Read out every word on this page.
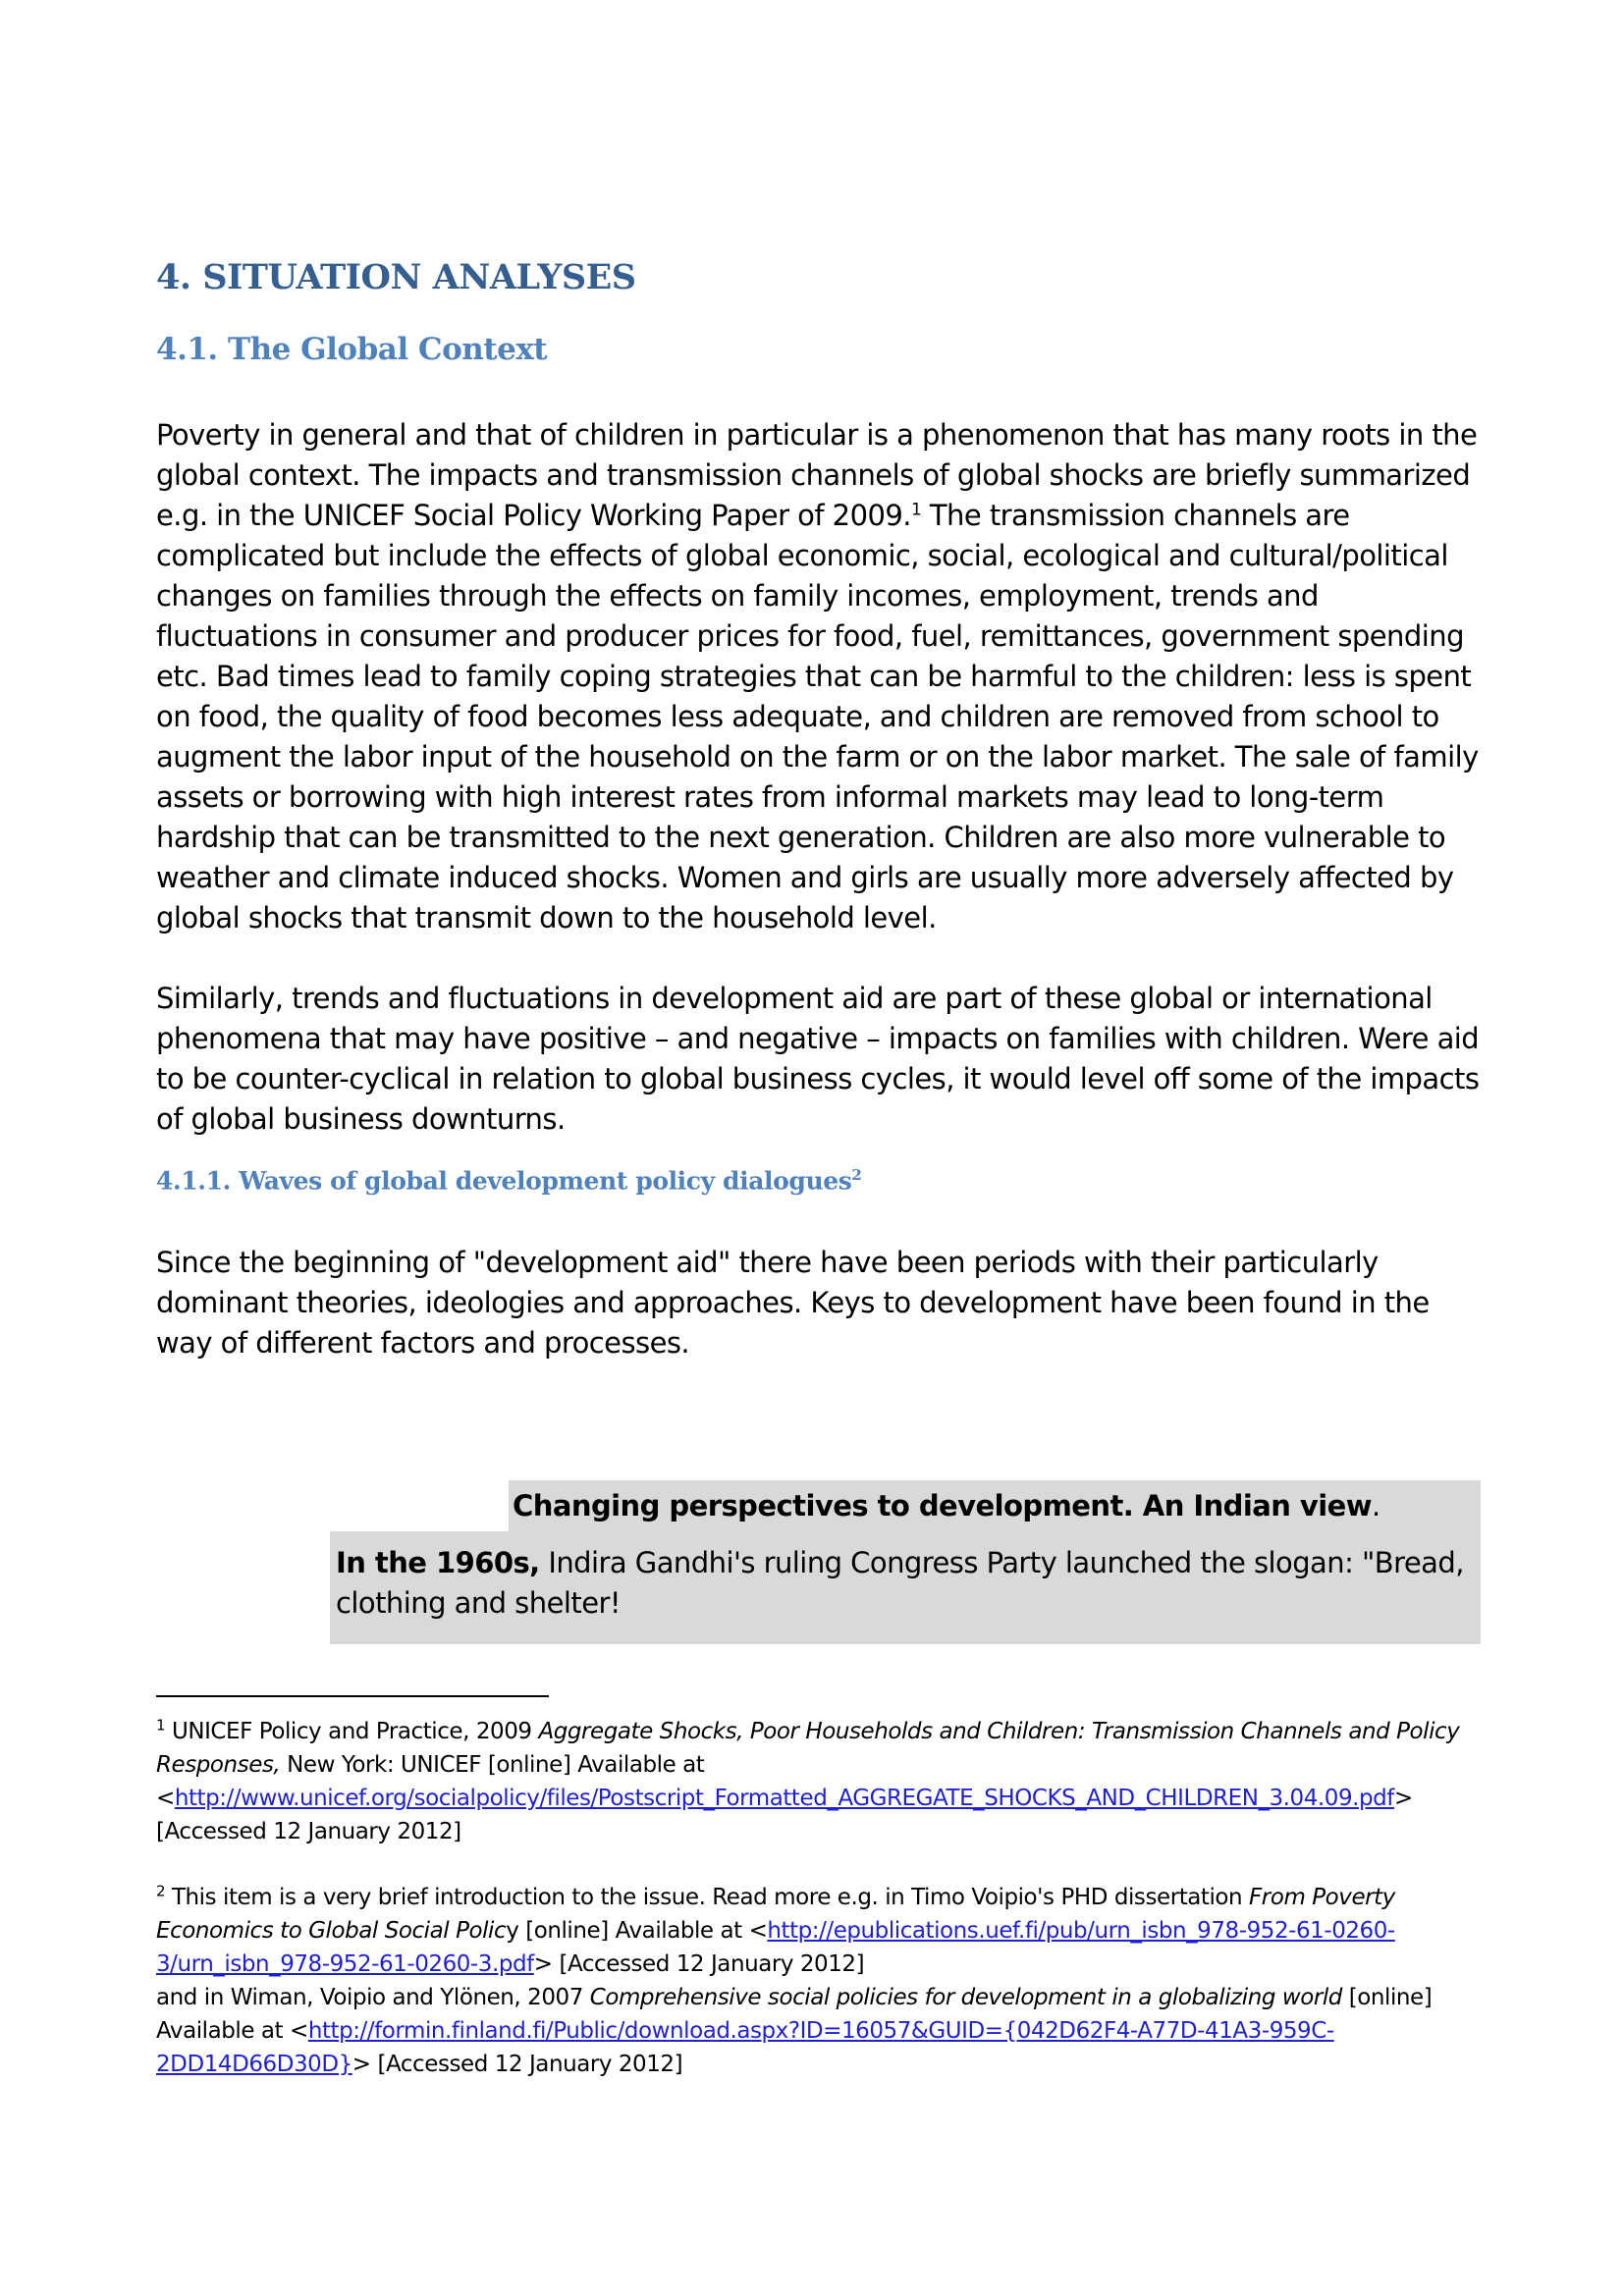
4. SITUATION ANALYSES
4.1. The Global Context

Poverty in general and that of children in particular is a phenomenon that has many roots in the global context. The impacts and transmission channels of global shocks are briefly summarized e.g. in the UNICEF Social Policy Working Paper of 2009.$^1$ The transmission channels are complicated but include the effects of global economic, social, ecological and cultural/political changes on families through the effects on family incomes, employment, trends and fluctuations in consumer and producer prices for food, fuel, remittances, government spending etc. Bad times lead to family coping strategies that can be harmful to the children: less is spent on food, the quality of food becomes less adequate, and children are removed from school to augment the labor input of the household on the farm or on the labor market. The sale of family assets or borrowing with high interest rates from informal markets may lead to long-term hardship that can be transmitted to the next generation. Children are also more vulnerable to weather and climate induced shocks. Women and girls are usually more adversely affected by global shocks that transmit down to the household level.

Similarly, trends and fluctuations in development aid are part of these global or international phenomena that may have positive – and negative – impacts on families with children. Were aid to be counter-cyclical in relation to global business cycles, it would level off some of the impacts of global business downturns.

4.1.1. Waves of global development policy dialogues$^2$

Since the beginning of "development aid" there have been periods with their particularly dominant theories, ideologies and approaches. Keys to development have been found in the way of different factors and processes.

Changing perspectives to development. An Indian view.
In the 1960s, Indira Gandhi's ruling Congress Party launched the slogan: "Bread, clothing and shelter!

$^1$ UNICEF Policy and Practice, 2009 Aggregate Shocks, Poor Households and Children: Transmission Channels and Policy Responses, New York: UNICEF [online] Available at <http://www.unicef.org/socialpolicy/files/Postscript_Formatted_AGGREGATE_SHOCKS_AND_CHILDREN_3.04.09.pdf> [Accessed 12 January 2012]

$^2$ This item is a very brief introduction to the issue. Read more e.g. in Timo Voipio's PHD dissertation From Poverty Economics to Global Social Policy [online] Available at <http://epublications.uef.fi/pub/urn_isbn_978-952-61-0260-3/urn_isbn_978-952-61-0260-3.pdf> [Accessed 12 January 2012]
and in Wiman, Voipio and Ylönen, 2007 Comprehensive social policies for development in a globalizing world [online] Available at <http://formin.finland.fi/Public/download.aspx?ID=16057&GUID={042D62F4-A77D-41A3-959C-2DD14D66D30D}> [Accessed 12 January 2012]
